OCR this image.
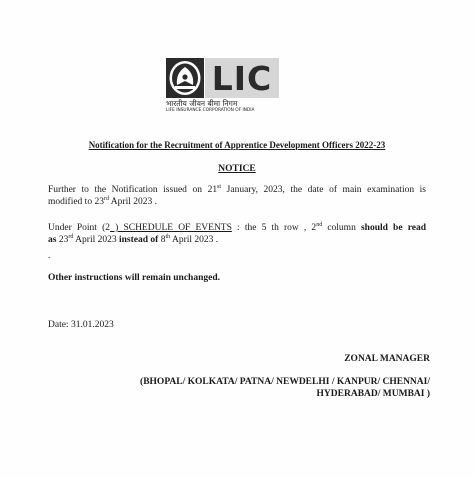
LIC
भारतीय जीवन बीमा निगम
LIFE INSURANCE CORPORATION OF INDIA
Notification for the Recruitment of Apprentice Development Officers 2022-23
NOTICE
Further to the Notification issued on 21st January, 2023, the date of main examination is
modified to 23rd April 2023 .
Under Point (2 ) SCHEDULE OF EVENTS : the 5 th row , 2nd column should be read
as 23rd April 2023 instead of 8th April 2023 .
.
Other instructions will remain unchanged.
Date: 31.01.2023
ZONAL MANAGER
(BHOPAL/ KOLKATA/ PATNA/ NEWDELHI / KANPUR/ CHENNAI/
HYDERABAD/ MUMBAI )
